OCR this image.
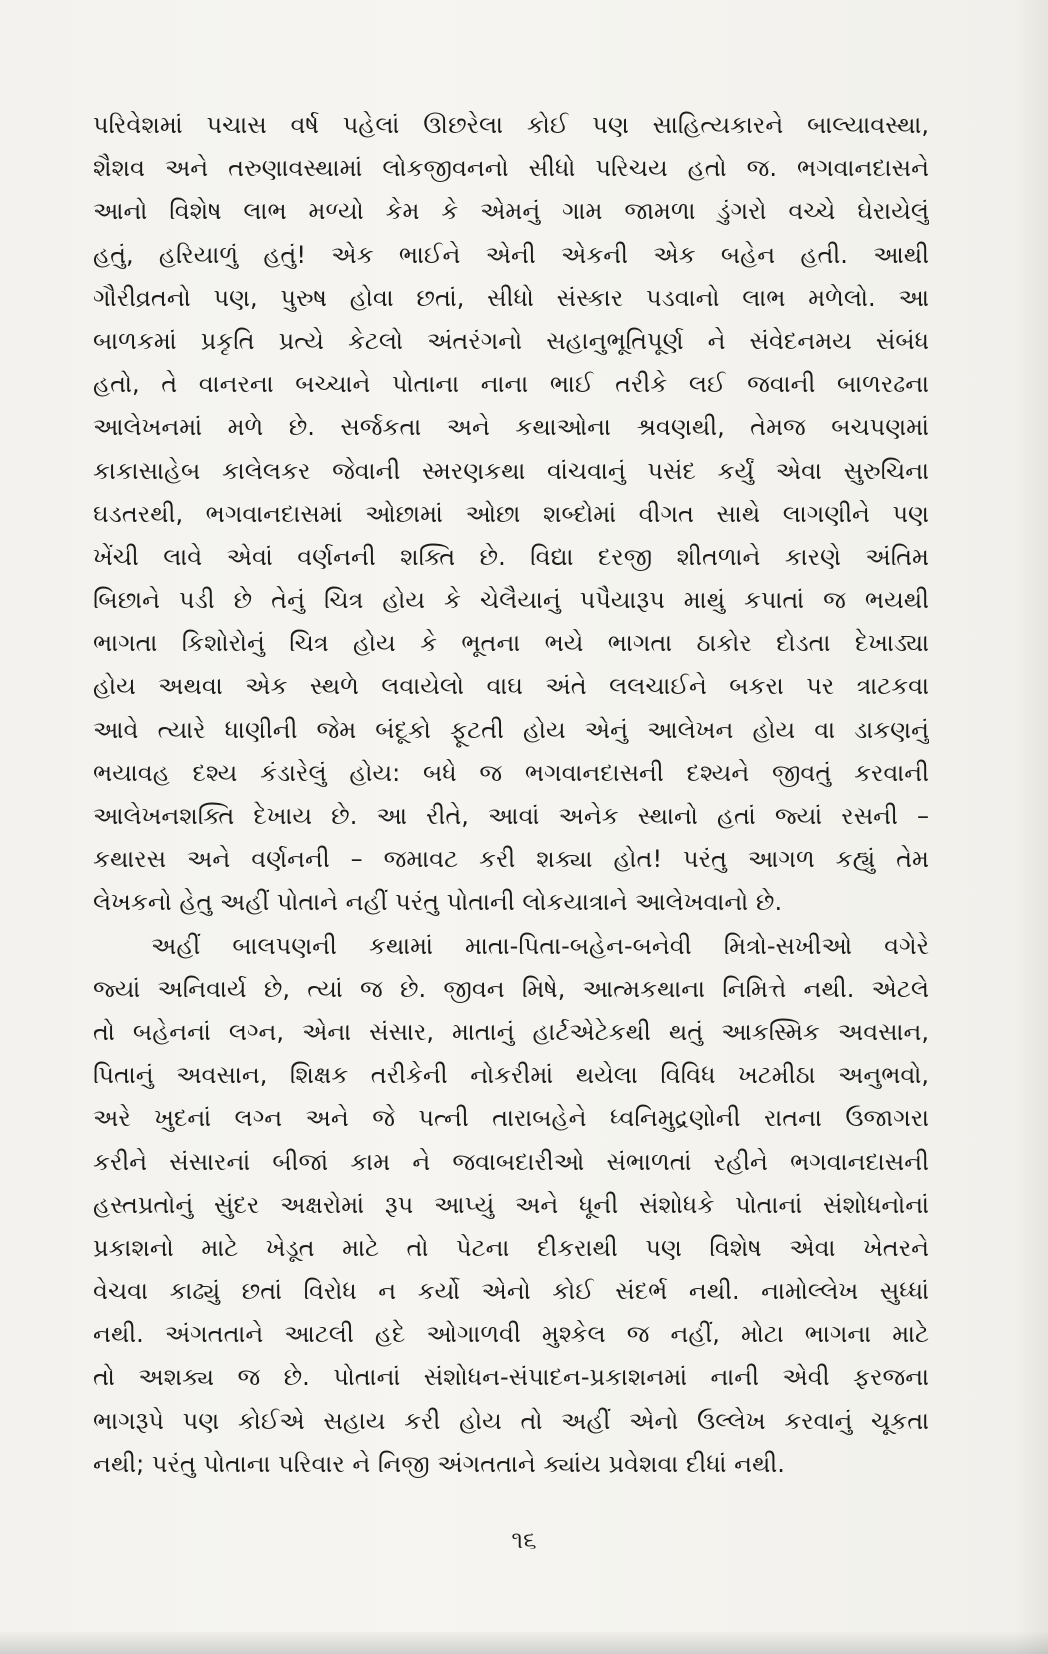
પરિવેશમાં પચાસ વર્ષ પહેલાં ઊછરેલા કોઈ પણ સાહિત્યકારને બાલ્યાવસ્થા,
શૈશવ અને તરુણાવસ્થામાં લોકજીવનનો સીધો પરિચય હતો જ. ભગવાનદાસને
આનો વિશેષ લાભ મળ્યો કેમ કે એમનું ગામ જામળા ડુંગરો વચ્ચે ઘેરાયેલું
હતું, હરિયાળું હતું! એક ભાઈને એની એકની એક બહેન હતી. આથી
ગૌરીવ્રતનો પણ, પુરુષ હોવા છતાં, સીધો સંસ્કાર પડવાનો લાભ મળેલો. આ
બાળકમાં પ્રકૃતિ પ્રત્યે કેટલો અંતરંગનો સહાનુભૂતિપૂર્ણ ને સંવેદનમય સંબંધ
હતો, તે વાનરના બચ્ચાને પોતાના નાના ભાઈ તરીકે લઈ જવાની બાળરઢના
આલેખનમાં મળે છે. સર્જકતા અને કથાઓના શ્રવણથી, તેમજ બચપણમાં
કાકાસાહેબ કાલેલકર જેવાની સ્મરણકથા વાંચવાનું પસંદ કર્યું એવા સુરુચિના
ઘડતરથી, ભગવાનદાસમાં ઓછામાં ઓછા શબ્દોમાં વીગત સાથે લાગણીને પણ
ખેંચી લાવે એવાં વર્ણનની શક્તિ છે. વિદ્યા દરજી શીતળાને કારણે અંતિમ
બિછાને પડી છે તેનું ચિત્ર હોય કે ચેલૈયાનું પપૈયારૂપ માથું કપાતાં જ ભયથી
ભાગતા કિશોરોનું ચિત્ર હોય કે ભૂતના ભયે ભાગતા ઠાકોર દોડતા દેખાડ્યા
હોય અથવા એક સ્થળે લવાયેલો વાઘ અંતે લલચાઈને બકરા પર ત્રાટકવા
આવે ત્યારે ધાણીની જેમ બંદૂકો ફૂટતી હોય એનું આલેખન હોય વા ડાકણનું
ભયાવહ દશ્ય કંડારેલું હોય: બધે જ ભગવાનદાસની દશ્યને જીવતું કરવાની
આલેખનશક્તિ દેખાય છે. આ રીતે, આવાં અનેક સ્થાનો હતાં જ્યાં રસની –
કથારસ અને વર્ણનની – જમાવટ કરી શક્યા હોત! પરંતુ આગળ કહ્યું તેમ
લેખકનો હેતુ અહીં પોતાને નહીં પરંતુ પોતાની લોકયાત્રાને આલેખવાનો છે.
અહીં બાલપણની કથામાં માતા-પિતા-બહેન-બનેવી મિત્રો-સખીઓ વગેરે
જ્યાં અનિવાર્ય છે, ત્યાં જ છે. જીવન મિષે, આત્મકથાના નિમિત્તે નથી. એટલે
તો બહેનનાં લગ્ન, એના સંસાર, માતાનું હાર્ટએટેકથી થતું આકસ્મિક અવસાન,
પિતાનું અવસાન, શિક્ષક તરીકેની નોકરીમાં થયેલા વિવિધ ખટમીઠા અનુભવો,
અરે ખુદનાં લગ્ન અને જે પત્ની તારાબહેને ધ્વનિમુદ્રણોની રાતના ઉજાગરા
કરીને સંસારનાં બીજાં કામ ને જવાબદારીઓ સંભાળતાં રહીને ભગવાનદાસની
હસ્તપ્રતોનું સુંદર અક્ષરોમાં રૂપ આપ્યું અને ધૂની સંશોધકે પોતાનાં સંશોધનોનાં
પ્રકાશનો માટે ખેડૂત માટે તો પેટના દીકરાથી પણ વિશેષ એવા ખેતરને
વેચવા કાઢ્યું છતાં વિરોધ ન કર્યો એનો કોઈ સંદર્ભ નથી. નામોલ્લેખ સુધ્ધાં
નથી. અંગતતાને આટલી હદે ઓગાળવી મુશ્કેલ જ નહીં, મોટા ભાગના માટે
તો અશક્ય જ છે. પોતાનાં સંશોધન-સંપાદન-પ્રકાશનમાં નાની એવી ફરજના
ભાગરૂપે પણ કોઈએ સહાય કરી હોય તો અહીં એનો ઉલ્લેખ કરવાનું ચૂકતા
નથી; પરંતુ પોતાના પરિવાર ને નિજી અંગતતાને ક્યાંય પ્રવેશવા દીધાં નથી.
૧૬
